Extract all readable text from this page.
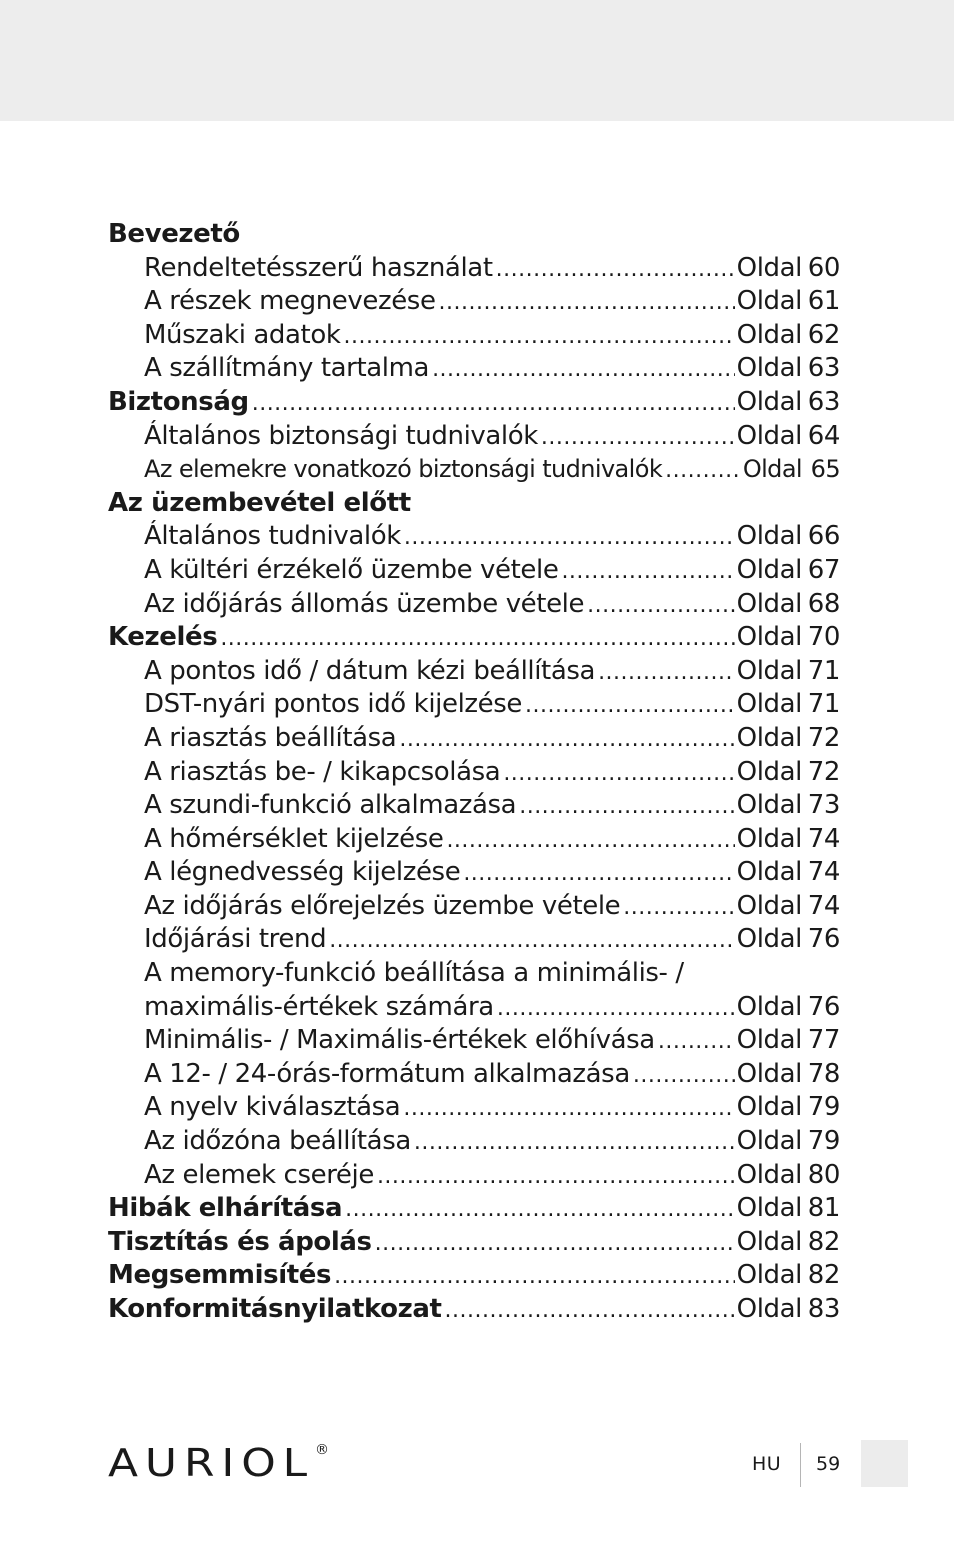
Bevezető
Rendeltetésszerű használat .....	Oldal 60
A részek megnevezése .....	Oldal 61
Műszaki adatok .....	Oldal 62
A szállítmány tartalma .....	Oldal 63
Biztonság .....	Oldal 63
Általános biztonsági tudnivalók .....	Oldal 64
Az elemekre vonatkozó biztonsági tudnivalók .....	Oldal 65
Az üzembevétel előtt
Általános tudnivalók .....	Oldal 66
A kültéri érzékelő üzembe vétele .....	Oldal 67
Az időjárás állomás üzembe vétele .....	Oldal 68
Kezelés .....	Oldal 70
A pontos idő / dátum kézi beállítása .....	Oldal 71
DST-nyári pontos idő kijelzése .....	Oldal 71
A riasztás beállítása .....	Oldal 72
A riasztás be- / kikapcsolása .....	Oldal 72
A szundi-funkció alkalmazása .....	Oldal 73
A hőmérséklet kijelzése .....	Oldal 74
A légnedvesség kijelzése .....	Oldal 74
Az időjárás előrejelzés üzembe vétele .....	Oldal 74
Időjárási trend .....	Oldal 76
A memory-funkció beállítása a minimális- /
maximális-értékek számára .....	Oldal 76
Minimális- / Maximális-értékek előhívása .....	Oldal 77
A 12- / 24-órás-formátum alkalmazása .....	Oldal 78
A nyelv kiválasztása .....	Oldal 79
Az időzóna beállítása .....	Oldal 79
Az elemek cseréje .....	Oldal 80
Hibák elhárítása .....	Oldal 81
Tisztítás és ápolás .....	Oldal 82
Megsemmisítés .....	Oldal 82
Konformitásnyilatkozat .....	Oldal 83
AURIOL ®
HU 59
